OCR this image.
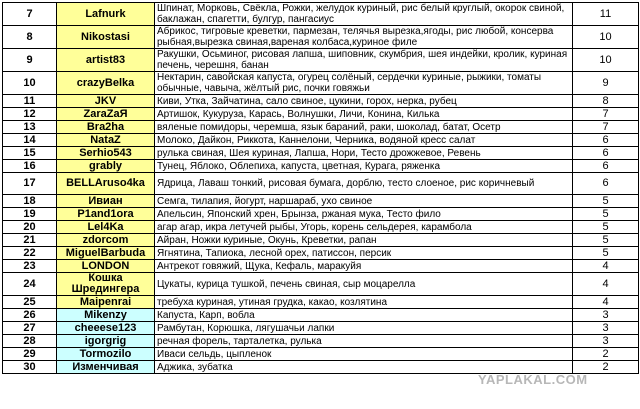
7	Lafnurk	Шпинат, Морковь, Свёкла, Рожки, желудок куриный, рис белый круглый, окорок свиной, баклажан, спагетти, булгур, пангасиус	11
8	Nikostasi	Абрикос, тигровые креветки, пармезан, телячья вырезка,ягоды, рис любой, консерва рыбная,вырезка свиная,вареная колбаса,куриное филе	10
9	artist83	Ракушки, Осьминог, рисовая лапша, шиповник, скумбрия, шея индейки, кролик, куриная печень, черешня, банан	10
10	crazyBelka	Нектарин, савойская капуста, огурец солёный, сердечки куриные, рыжики, томаты обычные, чавыча, жёлтый рис, почки говяжьи	9
11	JKV	Киви, Утка, Зайчатина, сало свиное, цукини, горох, нерка, рубец	8
12	ZaraZaЯ	Артишок, Кукуруза, Карась, Волнушки, Личи, Конина, Килька	7
13	Bra2ha	вяленые помидоры, черемша, язык бараний, раки, шоколад, батат, Осетр	7
14	NataZ	Молоко, Дайкон, Риккота, Каннелони, Черника, водяной кресс салат	6
15	Serhio543	рулька свиная, Шея куриная, Лапша, Нори, Тесто дрожжевое, Ревень	6
16	grably	Тунец, Яблоко, Облепиха, капуста, цветная, Курага, ряженка	6
17	BELLAruso4ka	Ядрица, Лаваш тонкий, рисовая бумага, дорблю, тесто слоеное, рис коричневый	6
18	Ивиан	Семга, тилапия, йогурт, наршараб, ухо свиное	5
19	P1and1ora	Апельсин, Японский хрен, Брынза, ржаная мука, Тесто фило	5
20	Lel4Ka	агар агар, икра летучей рыбы, Угорь, корень сельдерея, карамбола	5
21	zdorcom	Айран, Ножки куриные, Окунь, Креветки, рапан	5
22	MiguelBarbuda	Ягнятина, Тапиока, лесной орех, патиссон, персик	5
23	LONDON	Антрекот говяжий, Щука, Кефаль, маракуйя	4
24	Кошка Шредингера	Цукаты, курица тушкой, печень свиная, сыр моцарелла	4
25	Maipenrai	требуха куриная, утиная грудка, какао, козлятина	4
26	Mikenzy	Капуста, Карп, вобла	3
27	cheeese123	Рамбутан, Корюшка, лягушачьи лапки	3
28	igorgrig	речная форель, тарталетка, рулька	3
29	Tormozilo	Иваси сельдь, цыпленок	2
30	Изменчивая	Аджика, зубатка	2
YAPLAKAL.COM
